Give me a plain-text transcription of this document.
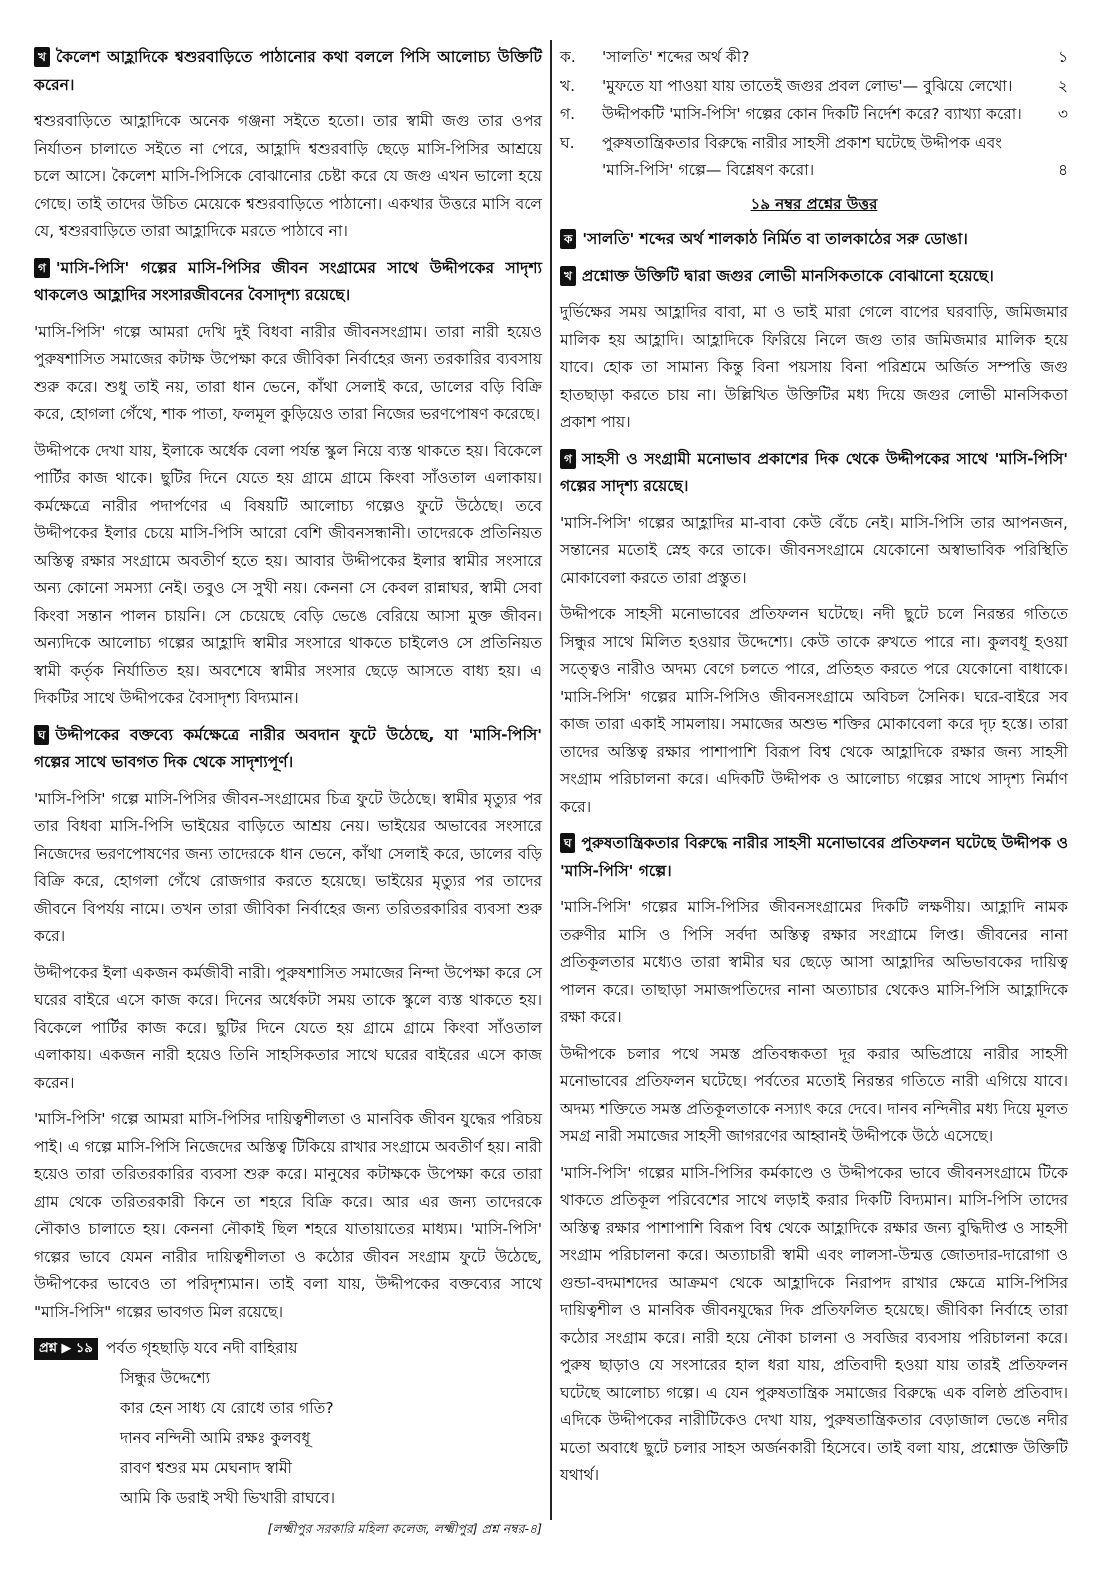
খ কৈলেশ আহ্লাদিকে শ্বশুরবাড়িতে পাঠানোর কথা বললে পিসি আলোচ্য উক্তিটি করেন।

শ্বশুরবাড়িতে আহ্লাদিকে অনেক গঞ্জনা সইতে হতো। তার স্বামী জগু তার ওপর নির্যাতন চালাতে সইতে না পেরে, আহ্লাদি শ্বশুরবাড়ি ছেড়ে মাসি-পিসির আশ্রয়ে চলে আসে। কৈলেশ মাসি-পিসিকে বোঝানোর চেষ্টা করে যে জগু এখন ভালো হয়ে গেছে। তাই তাদের উচিত মেয়েকে শ্বশুরবাড়িতে পাঠানো। একথার উত্তরে মাসি বলে যে, শ্বশুরবাড়িতে তারা আহ্লাদিকে মরতে পাঠাবে না।

গ 'মাসি-পিসি' গল্পের মাসি-পিসির জীবন সংগ্রামের সাথে উদ্দীপকের সাদৃশ্য থাকলেও আহ্লাদির সংসারজীবনের বৈসাদৃশ্য রয়েছে।

'মাসি-পিসি' গল্পে আমরা দেখি দুই বিধবা নারীর জীবনসংগ্রাম। তারা নারী হয়েও পুরুষশাসিত সমাজের কটাক্ষ উপেক্ষা করে জীবিকা নির্বাহের জন্য তরকারির ব্যবসায় শুরু করে। শুধু তাই নয়, তারা ধান ভেনে, কাঁথা সেলাই করে, ডালের বড়ি বিক্রি করে, হোগলা গেঁথে, শাক পাতা, ফলমূল কুড়িয়েও তারা নিজের ভরণপোষণ করেছে।

উদ্দীপকে দেখা যায়, ইলাকে অর্ধেক বেলা পর্যন্ত স্কুল নিয়ে ব্যস্ত থাকতে হয়। বিকেলে পার্টির কাজ থাকে। ছুটির দিনে যেতে হয় গ্রামে গ্রামে কিংবা সাঁওতাল এলাকায়। কর্মক্ষেত্রে নারীর পদার্পণের এ বিষয়টি আলোচ্য গল্পেও ফুটে উঠেছে। তবে উদ্দীপকের ইলার চেয়ে মাসি-পিসি আরো বেশি জীবনসন্ধানী। তাদেরকে প্রতিনিয়ত অস্তিত্ব রক্ষার সংগ্রামে অবতীর্ণ হতে হয়। আবার উদ্দীপকের ইলার স্বামীর সংসারে অন্য কোনো সমস্যা নেই। তবুও সে সুখী নয়। কেননা সে কেবল রান্নাঘর, স্বামী সেবা কিংবা সন্তান পালন চায়নি। সে চেয়েছে বেড়ি ভেঙে বেরিয়ে আসা মুক্ত জীবন। অন্যদিকে আলোচ্য গল্পের আহ্লাদি স্বামীর সংসারে থাকতে চাইলেও সে প্রতিনিয়ত স্বামী কর্তৃক নির্যাতিত হয়। অবশেষে স্বামীর সংসার ছেড়ে আসতে বাধ্য হয়। এ দিকটির সাথে উদ্দীপকের বৈসাদৃশ্য বিদ্যমান।

ঘ উদ্দীপকের বক্তব্যে কর্মক্ষেত্রে নারীর অবদান ফুটে উঠেছে, যা 'মাসি-পিসি' গল্পের সাথে ভাবগত দিক থেকে সাদৃশ্যপূর্ণ।

'মাসি-পিসি' গল্পে মাসি-পিসির জীবন-সংগ্রামের চিত্র ফুটে উঠেছে। স্বামীর মৃত্যুর পর তার বিধবা মাসি-পিসি ভাইয়ের বাড়িতে আশ্রয় নেয়। ভাইয়ের অভাবের সংসারে নিজেদের ভরণপোষণের জন্য তাদেরকে ধান ভেনে, কাঁথা সেলাই করে, ডালের বড়ি বিক্রি করে, হোগলা গেঁথে রোজগার করতে হয়েছে। ভাইয়ের মৃত্যুর পর তাদের জীবনে বিপর্যয় নামে। তখন তারা জীবিকা নির্বাহের জন্য তরিতরকারির ব্যবসা শুরু করে।

উদ্দীপকের ইলা একজন কর্মজীবী নারী। পুরুষশাসিত সমাজের নিন্দা উপেক্ষা করে সে ঘরের বাইরে এসে কাজ করে। দিনের অর্ধেকটা সময় তাকে স্কুলে ব্যস্ত থাকতে হয়। বিকেলে পার্টির কাজ করে। ছুটির দিনে যেতে হয় গ্রামে গ্রামে কিংবা সাঁওতাল এলাকায়। একজন নারী হয়েও তিনি সাহসিকতার সাথে ঘরের বাইরের এসে কাজ করেন।

'মাসি-পিসি' গল্পে আমরা মাসি-পিসির দায়িত্বশীলতা ও মানবিক জীবন যুদ্ধের পরিচয় পাই। এ গল্পে মাসি-পিসি নিজেদের অস্তিত্ব টিকিয়ে রাখার সংগ্রামে অবতীর্ণ হয়। নারী হয়েও তারা তরিতরকারির ব্যবসা শুরু করে। মানুষের কটাক্ষকে উপেক্ষা করে তারা গ্রাম থেকে তরিতরকারী কিনে তা শহরে বিক্রি করে। আর এর জন্য তাদেরকে নৌকাও চালাতে হয়। কেননা নৌকাই ছিল শহরে যাতায়াতের মাধ্যম। 'মাসি-পিসি' গল্পের ভাবে যেমন নারীর দায়িত্বশীলতা ও কঠোর জীবন সংগ্রাম ফুটে উঠেছে, উদ্দীপকের ভাবেও তা পরিদৃশ্যমান। তাই বলা যায়, উদ্দীপকের বক্তব্যের সাথে "মাসি-পিসি" গল্পের ভাবগত মিল রয়েছে।

প্রশ্ন ▶ ১৯ পর্বত গৃহছাড়ি যবে নদী বাহিরায়
সিন্ধুর উদ্দেশ্যে
কার হেন সাধ্য যে রোধে তার গতি?
দানব নন্দিনী আমি রক্ষঃ কুলবধূ
রাবণ শ্বশুর মম মেঘনাদ স্বামী
আমি কি ডরাই সখী ভিখারী রাঘবে।
[লক্ষ্মীপুর সরকারি মহিলা কলেজ, লক্ষ্মীপুর] প্রশ্ন নম্বর-৪]
ক.	'সালতি' শব্দের অর্থ কী?	১
খ.	'মুফতে যা পাওয়া যায় তাতেই জগুর প্রবল লোভ'— বুঝিয়ে লেখো।	২
গ.	উদ্দীপকটি 'মাসি-পিসি' গল্পের কোন দিকটি নির্দেশ করে? ব্যাখ্যা করো।	৩
ঘ.	পুরুষতান্ত্রিকতার বিরুদ্ধে নারীর সাহসী প্রকাশ ঘটেছে উদ্দীপক এবং 'মাসি-পিসি' গল্পে— বিশ্লেষণ করো।	৪
১৯ নম্বর প্রশ্নের উত্তর

ক 'সালতি' শব্দের অর্থ শালকাঠ নির্মিত বা তালকাঠের সরু ডোঙা।

খ প্রশ্নোক্ত উক্তিটি দ্বারা জগুর লোভী মানসিকতাকে বোঝানো হয়েছে।

দুর্ভিক্ষের সময় আহ্লাদির বাবা, মা ও ভাই মারা গেলে বাপের ঘরবাড়ি, জমিজমার মালিক হয় আহ্লাদি। আহ্লাদিকে ফিরিয়ে নিলে জগু তার জমিজমার মালিক হয়ে যাবে। হোক তা সামান্য কিন্তু বিনা পয়সায় বিনা পরিশ্রমে অর্জিত সম্পত্তি জগু হাতছাড়া করতে চায় না। উল্লিখিত উক্তিটির মধ্য দিয়ে জগুর লোভী মানসিকতা প্রকাশ পায়।

গ সাহসী ও সংগ্রামী মনোভাব প্রকাশের দিক থেকে উদ্দীপকের সাথে 'মাসি-পিসি' গল্পের সাদৃশ্য রয়েছে।

'মাসি-পিসি' গল্পের আহ্লাদির মা-বাবা কেউ বেঁচে নেই। মাসি-পিসি তার আপনজন, সন্তানের মতোই স্নেহ করে তাকে। জীবনসংগ্রামে যেকোনো অস্বাভাবিক পরিস্থিতি মোকাবেলা করতে তারা প্রস্তুত।

উদ্দীপকে সাহসী মনোভাবের প্রতিফলন ঘটেছে। নদী ছুটে চলে নিরন্তর গতিতে সিন্ধুর সাথে মিলিত হওয়ার উদ্দেশ্যে। কেউ তাকে রুখতে পারে না। কুলবধূ হওয়া সত্ত্বেও নারীও অদম্য বেগে চলতে পারে, প্রতিহত করতে পরে যেকোনো বাধাকে। 'মাসি-পিসি' গল্পের মাসি-পিসিও জীবনসংগ্রামে অবিচল সৈনিক। ঘরে-বাইরে সব কাজ তারা একাই সামলায়। সমাজের অশুভ শক্তির মোকাবেলা করে দৃঢ় হস্তে। তারা তাদের অস্তিত্ব রক্ষার পাশাপাশি বিরূপ বিশ্ব থেকে আহ্লাদিকে রক্ষার জন্য সাহসী সংগ্রাম পরিচালনা করে। এদিকটি উদ্দীপক ও আলোচ্য গল্পের সাথে সাদৃশ্য নির্মাণ করে।

ঘ পুরুষতান্ত্রিকতার বিরুদ্ধে নারীর সাহসী মনোভাবের প্রতিফলন ঘটেছে উদ্দীপক ও 'মাসি-পিসি' গল্পে।

'মাসি-পিসি' গল্পের মাসি-পিসির জীবনসংগ্রামের দিকটি লক্ষণীয়। আহ্লাদি নামক তরুণীর মাসি ও পিসি সর্বদা অস্তিত্ব রক্ষার সংগ্রামে লিপ্ত। জীবনের নানা প্রতিকূলতার মধ্যেও তারা স্বামীর ঘর ছেড়ে আসা আহ্লাদির অভিভাবকের দায়িত্ব পালন করে। তাছাড়া সমাজপতিদের নানা অত্যাচার থেকেও মাসি-পিসি আহ্লাদিকে রক্ষা করে।

উদ্দীপকে চলার পথে সমস্ত প্রতিবন্ধকতা দূর করার অভিপ্রায়ে নারীর সাহসী মনোভাবের প্রতিফলন ঘটেছে। পর্বতের মতোই নিরন্তর গতিতে নারী এগিয়ে যাবে। অদম্য শক্তিতে সমস্ত প্রতিকূলতাকে নস্যাৎ করে দেবে। দানব নন্দিনীর মধ্য দিয়ে মূলত সমগ্র নারী সমাজের সাহসী জাগরণের আহ্বানই উদ্দীপকে উঠে এসেছে।

'মাসি-পিসি' গল্পের মাসি-পিসির কর্মকাণ্ডে ও উদ্দীপকের ভাবে জীবনসংগ্রামে টিকে থাকতে প্রতিকূল পরিবেশের সাথে লড়াই করার দিকটি বিদ্যমান। মাসি-পিসি তাদের অস্তিত্ব রক্ষার পাশাপাশি বিরূপ বিশ্ব থেকে আহ্লাদিকে রক্ষার জন্য বুদ্ধিদীপ্ত ও সাহসী সংগ্রাম পরিচালনা করে। অত্যাচারী স্বামী এবং লালসা-উন্মত্ত জোতদার-দারোগা ও গুন্ডা-বদমাশদের আক্রমণ থেকে আহ্লাদিকে নিরাপদ রাখার ক্ষেত্রে মাসি-পিসির দায়িত্বশীল ও মানবিক জীবনযুদ্ধের দিক প্রতিফলিত হয়েছে। জীবিকা নির্বাহে তারা কঠোর সংগ্রাম করে। নারী হয়ে নৌকা চালনা ও সবজির ব্যবসায় পরিচালনা করে। পুরুষ ছাড়াও যে সংসারের হাল ধরা যায়, প্রতিবাদী হওয়া যায় তারই প্রতিফলন ঘটেছে আলোচ্য গল্পে। এ যেন পুরুষতান্ত্রিক সমাজের বিরুদ্ধে এক বলিষ্ঠ প্রতিবাদ। এদিকে উদ্দীপকের নারীটিকেও দেখা যায়, পুরুষতান্ত্রিকতার বেড়াজাল ভেঙে নদীর মতো অবাধে ছুটে চলার সাহস অর্জনকারী হিসেবে। তাই বলা যায়, প্রশ্নোক্ত উক্তিটি যথার্থ।
